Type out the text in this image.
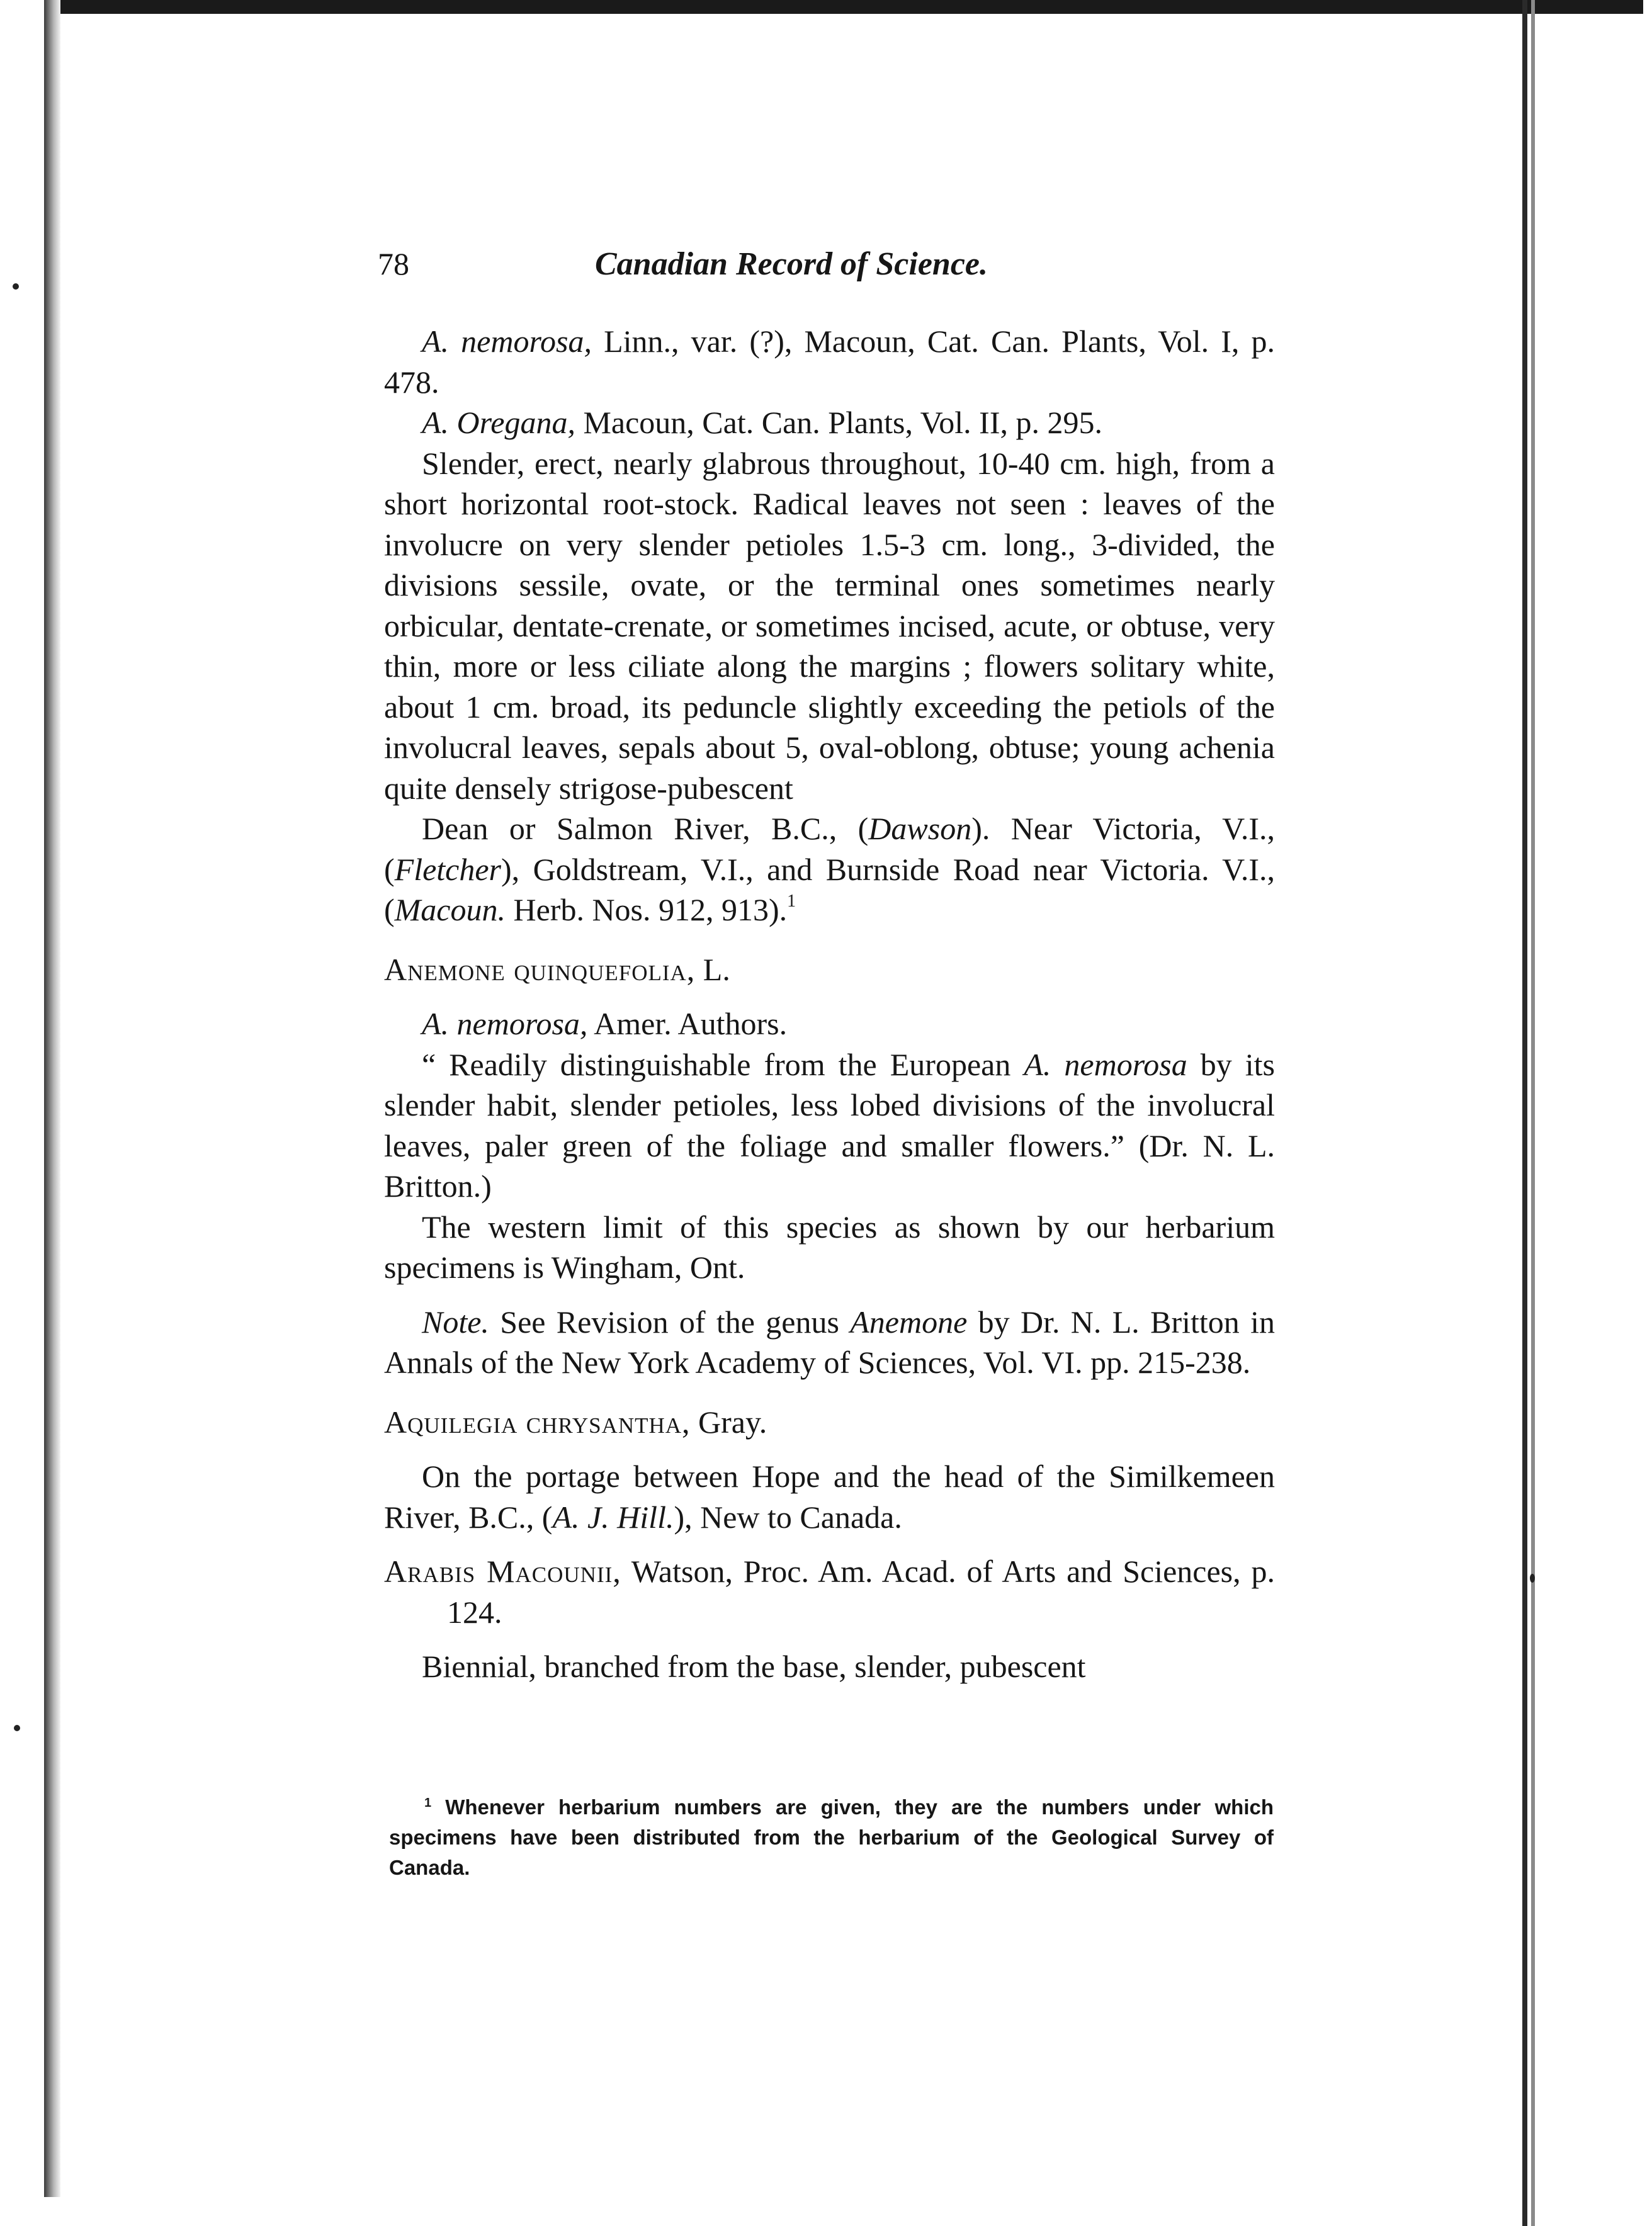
78	Canadian Record of Science.

A. nemorosa, Linn., var. (?), Macoun, Cat. Can. Plants, Vol. I, p. 478.

A. Oregana, Macoun, Cat. Can. Plants, Vol. II, p. 295.

Slender, erect, nearly glabrous throughout, 10-40 cm. high, from a short horizontal root-stock. Radical leaves not seen : leaves of the involucre on very slender petioles 1.5-3 cm. long., 3-divided, the divisions sessile, ovate, or the terminal ones sometimes nearly orbicular, dentate-crenate, or sometimes incised, acute, or obtuse, very thin, more or less ciliate along the margins ; flowers solitary white, about 1 cm. broad, its peduncle slightly exceeding the petiols of the involucral leaves, sepals about 5, oval-oblong, obtuse; young achenia quite densely strigose-pubescent

Dean or Salmon River, B.C., (Dawson). Near Victoria, V.I., (Fletcher), Goldstream, V.I., and Burnside Road near Victoria. V.I., (Macoun. Herb. Nos. 912, 913).$^1$

Anemone quinquefolia, L.

A. nemorosa, Amer. Authors.

“ Readily distinguishable from the European A. nemorosa by its slender habit, slender petioles, less lobed divisions of the involucral leaves, paler green of the foliage and smaller flowers.” (Dr. N. L. Britton.)

The western limit of this species as shown by our herbarium specimens is Wingham, Ont.

Note. See Revision of the genus Anemone by Dr. N. L. Britton in Annals of the New York Academy of Sciences, Vol. VI. pp. 215-238.

Aquilegia chrysantha, Gray.

On the portage between Hope and the head of the Similkemeen River, B.C., (A. J. Hill.), New to Canada.

Arabis Macounii, Watson, Proc. Am. Acad. of Arts and Sciences, p. 124.

Biennial, branched from the base, slender, pubescent

$^1$ Whenever herbarium numbers are given, they are the numbers under which specimens have been distributed from the herbarium of the Geological Survey of Canada.
